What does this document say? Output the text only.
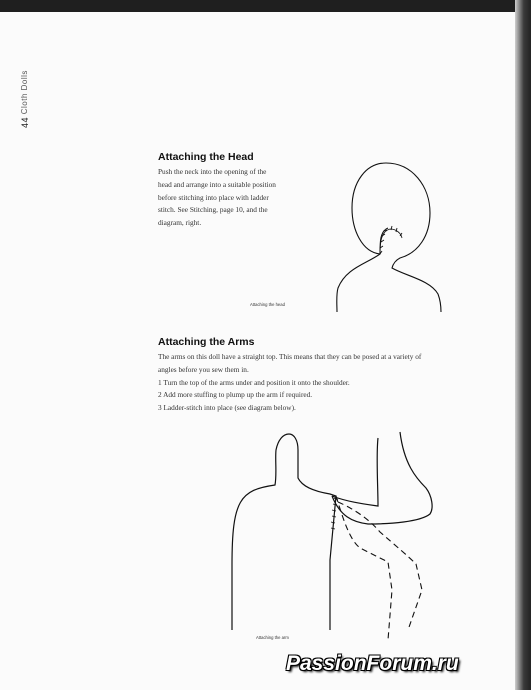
44 Cloth Dolls
Attaching the Head
Push the neck into the opening of the
head and arrange into a suitable position
before stitching into place with ladder
stitch. See Stitching, page 10, and the
diagram, right.
Attaching the head
Attaching the Arms
The arms on this doll have a straight top. This means that they can be posed at a variety of
angles before you sew them in.
1 Turn the top of the arms under and position it onto the shoulder.
2 Add more stuffing to plump up the arm if required.
3 Ladder-stitch into place (see diagram below).
Attaching the arm
PassionForum.ru
